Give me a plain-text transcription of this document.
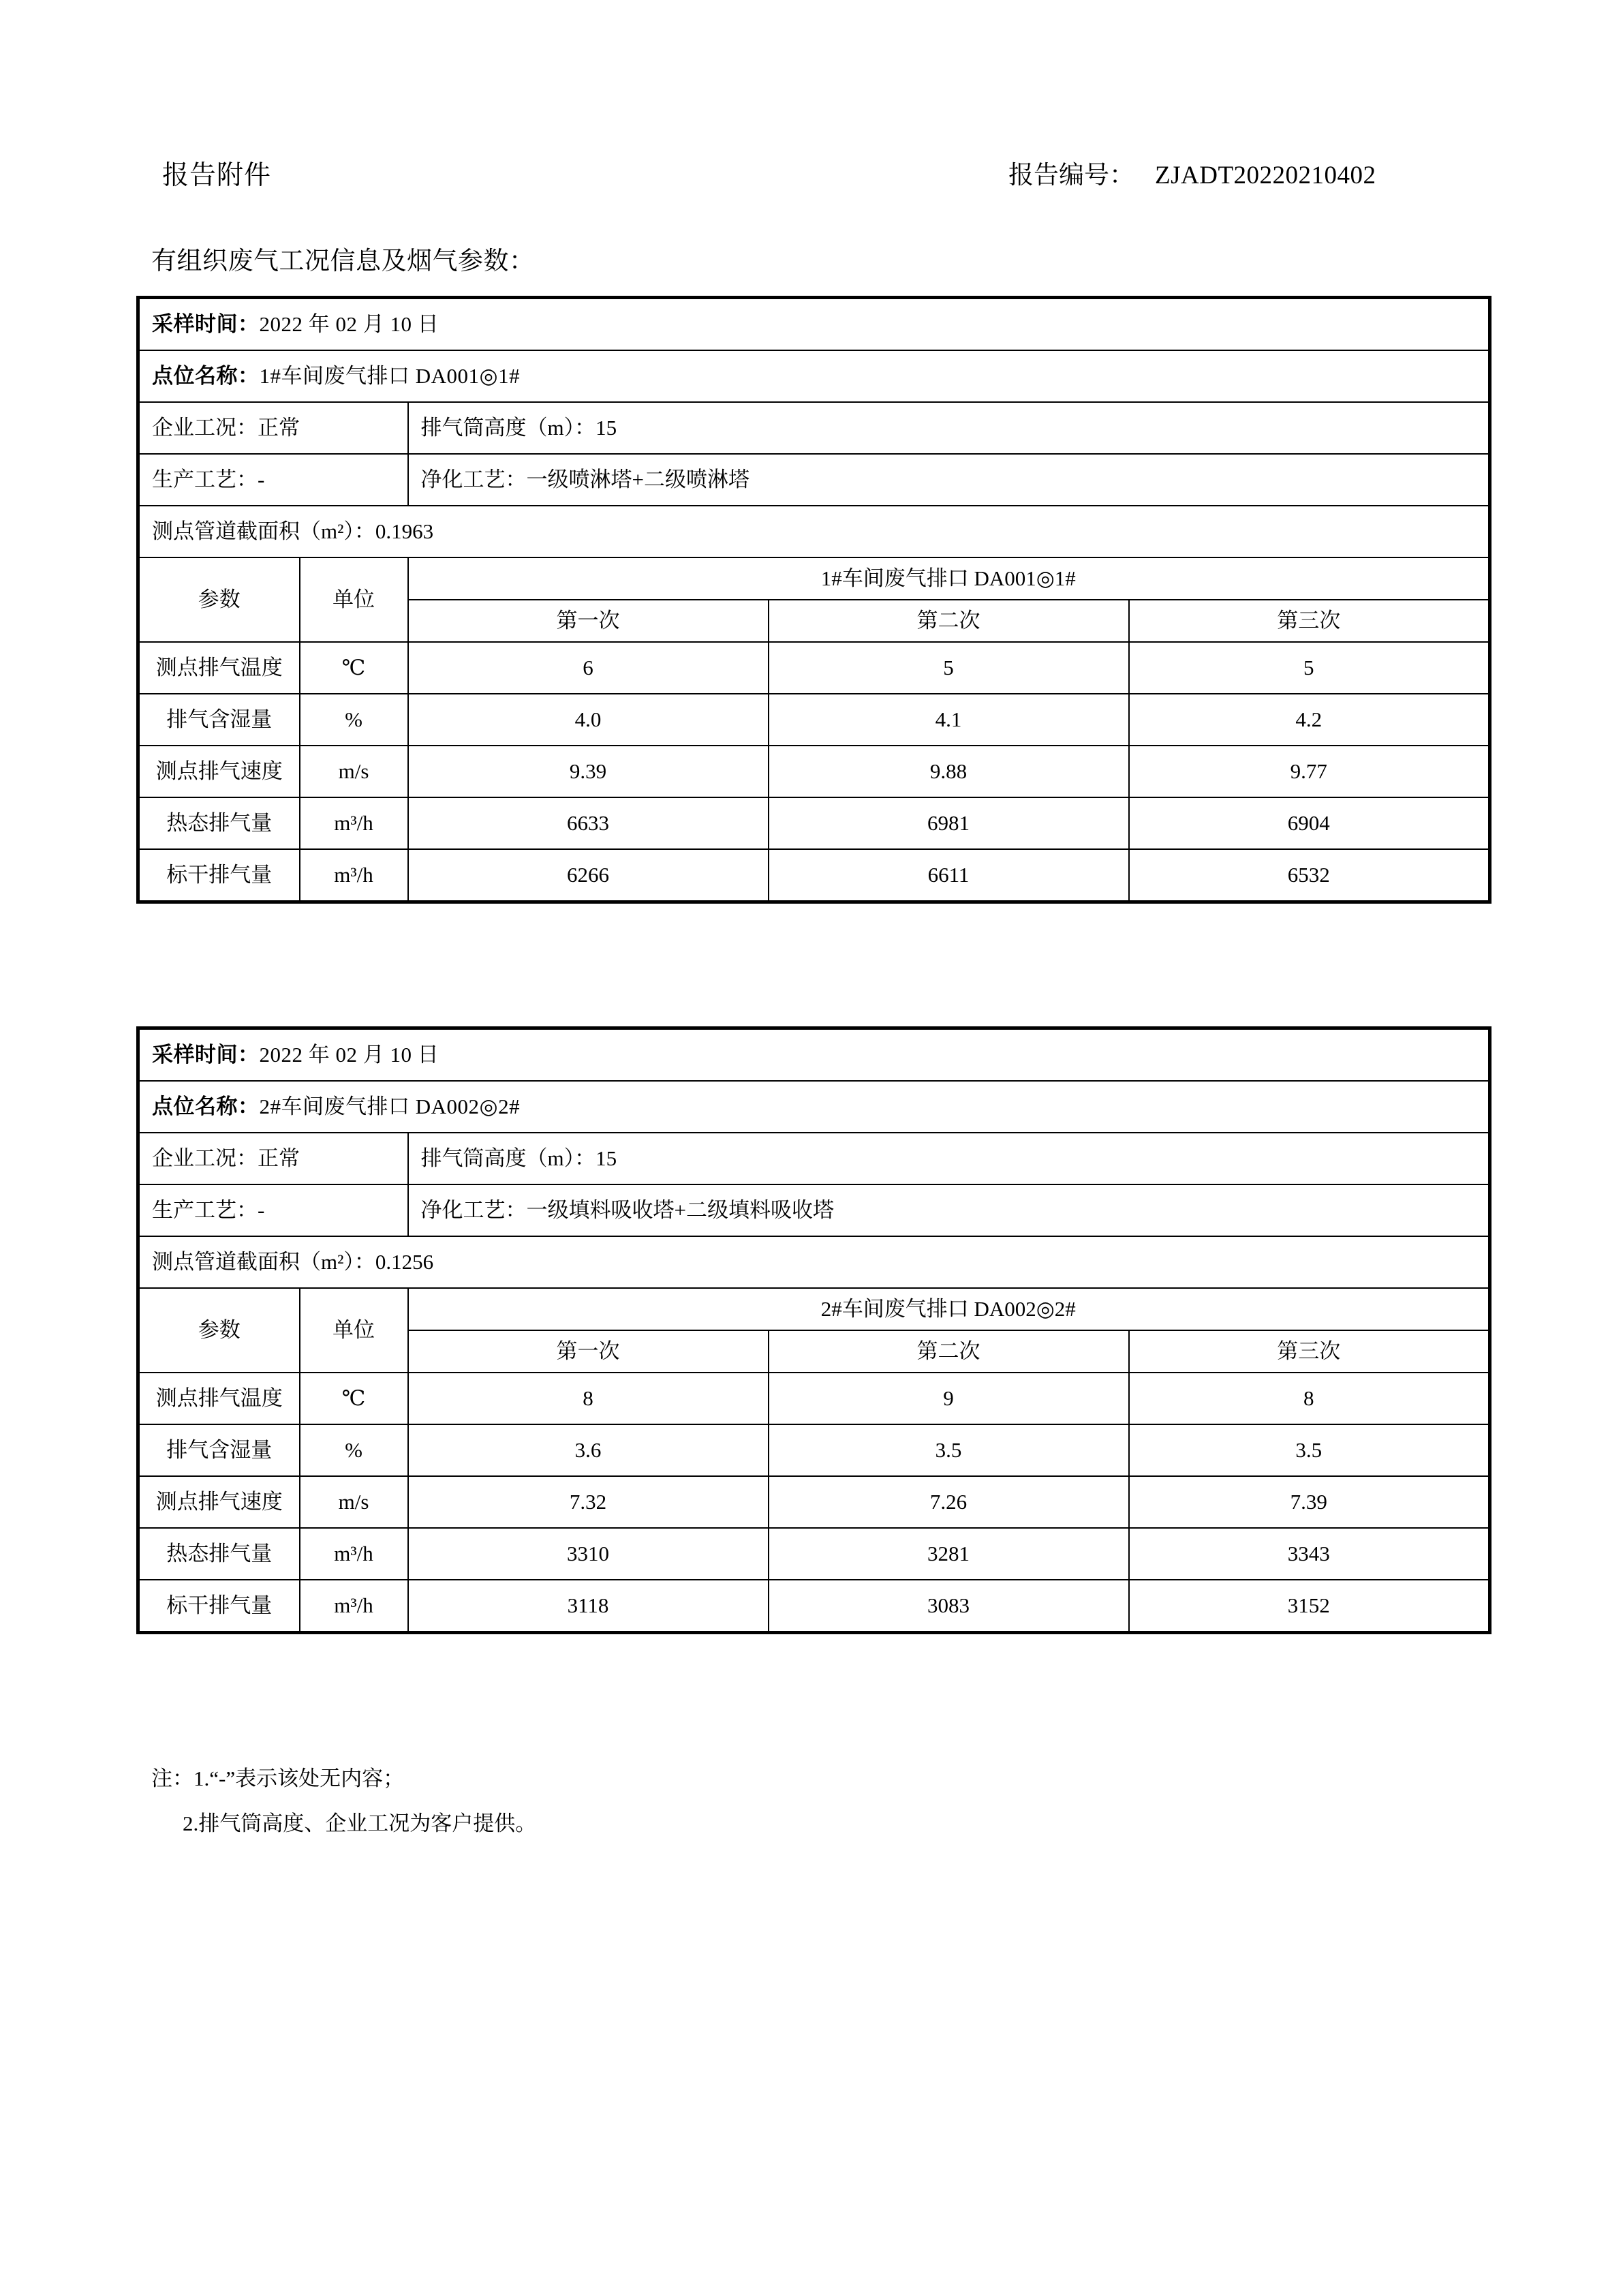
报告附件	报告编号： ZJADT20220210402
有组织废气工况信息及烟气参数：
采样时间：2022 年 02 月 10 日				
点位名称：1#车间废气排口 DA001◎1#				
企业工况：正常		排气筒高度（m）：15		
生产工艺：-		净化工艺：一级喷淋塔+二级喷淋塔		
测点管道截面积（m²）：0.1963				
参数	单位	1#车间废气排口 DA001◎1#		
		第一次	第二次	第三次
测点排气温度	℃	6	5	5
排气含湿量	%	4.0	4.1	4.2
测点排气速度	m/s	9.39	9.88	9.77
热态排气量	m³/h	6633	6981	6904
标干排气量	m³/h	6266	6611	6532
采样时间：2022 年 02 月 10 日				
点位名称：2#车间废气排口 DA002◎2#				
企业工况：正常		排气筒高度（m）：15		
生产工艺：-		净化工艺：一级填料吸收塔+二级填料吸收塔		
测点管道截面积（m²）：0.1256				
参数	单位	2#车间废气排口 DA002◎2#		
		第一次	第二次	第三次
测点排气温度	℃	8	9	8
排气含湿量	%	3.6	3.5	3.5
测点排气速度	m/s	7.32	7.26	7.39
热态排气量	m³/h	3310	3281	3343
标干排气量	m³/h	3118	3083	3152
注：1.“-”表示该处无内容；
2.排气筒高度、企业工况为客户提供。
